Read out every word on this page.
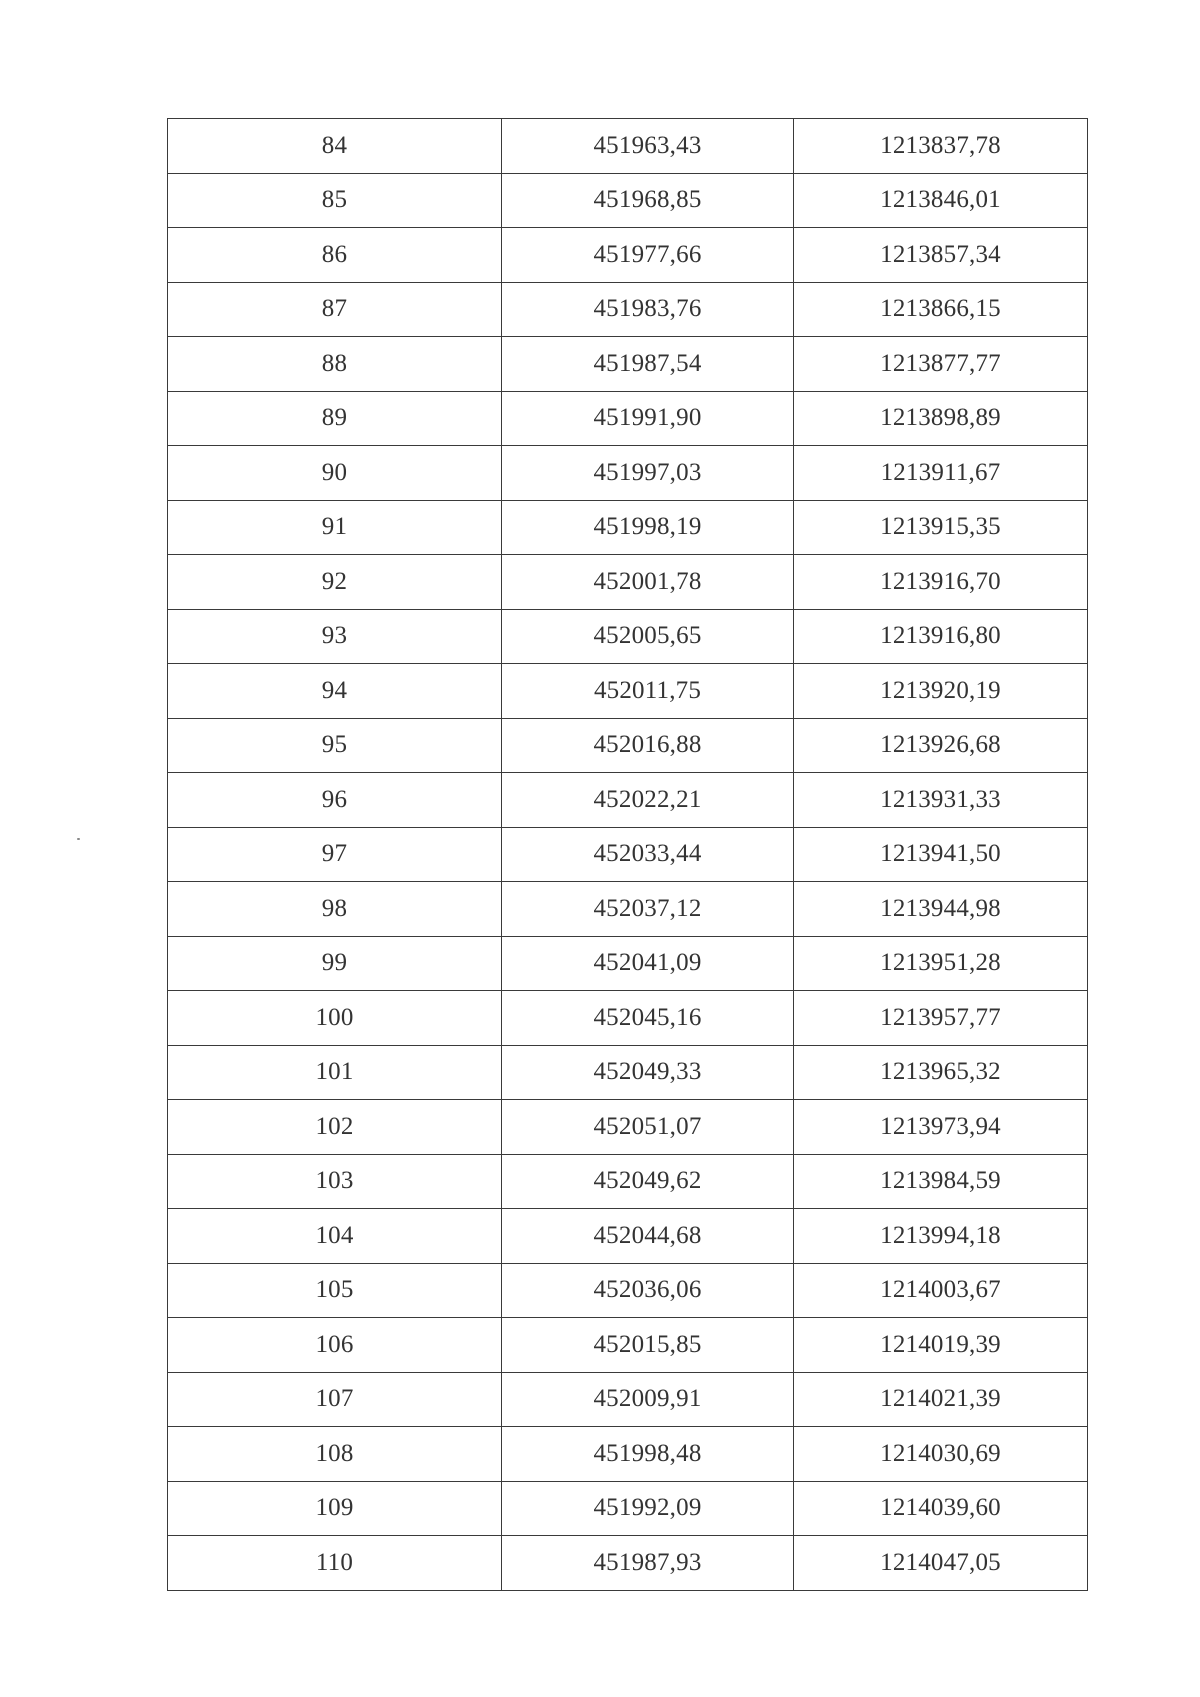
84	451963,43	1213837,78
85	451968,85	1213846,01
86	451977,66	1213857,34
87	451983,76	1213866,15
88	451987,54	1213877,77
89	451991,90	1213898,89
90	451997,03	1213911,67
91	451998,19	1213915,35
92	452001,78	1213916,70
93	452005,65	1213916,80
94	452011,75	1213920,19
95	452016,88	1213926,68
96	452022,21	1213931,33
97	452033,44	1213941,50
98	452037,12	1213944,98
99	452041,09	1213951,28
100	452045,16	1213957,77
101	452049,33	1213965,32
102	452051,07	1213973,94
103	452049,62	1213984,59
104	452044,68	1213994,18
105	452036,06	1214003,67
106	452015,85	1214019,39
107	452009,91	1214021,39
108	451998,48	1214030,69
109	451992,09	1214039,60
110	451987,93	1214047,05
